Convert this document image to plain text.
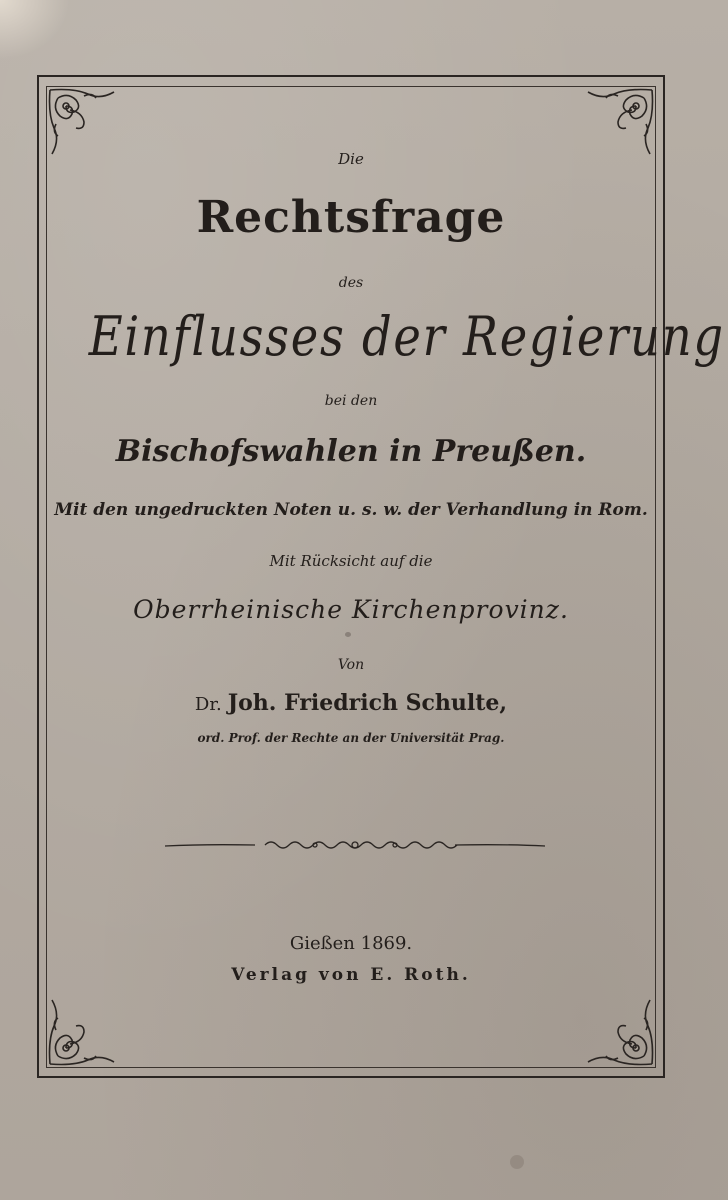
Die
Rechtsfrage
des
Einflusses der Regierung
bei den
Bischofswahlen in Preußen.
Mit den ungedruckten Noten u. s. w. der Verhandlung in Rom.
Mit Rücksicht auf die
Oberrheinische Kirchenprovinz.
Von
Dr. Joh. Friedrich Schulte,
ord. Prof. der Rechte an der Universität Prag.
Gießen 1869.
Verlag von E. Roth.
